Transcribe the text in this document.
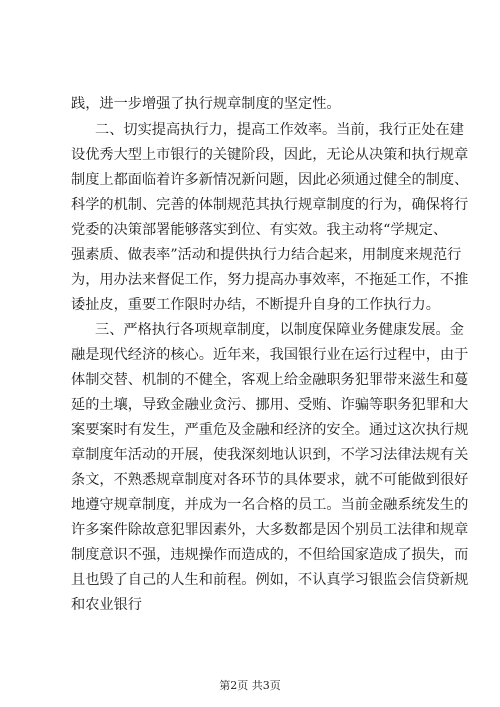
践，进一步增强了执行规章制度的坚定性。
二、切实提高执行力，提高工作效率。当前，我行正处在建
设优秀大型上市银行的关键阶段，因此，无论从决策和执行规章
制度上都面临着许多新情况新问题，因此必须通过健全的制度、
科学的机制、完善的体制规范其执行规章制度的行为，确保将行
党委的决策部署能够落实到位、有实效。我主动将“学规定、
强素质、做表率”活动和提供执行力结合起来，用制度来规范行
为，用办法来督促工作，努力提高办事效率，不拖延工作，不推
诿扯皮，重要工作限时办结，不断提升自身的工作执行力。
三、严格执行各项规章制度，以制度保障业务健康发展。金
融是现代经济的核心。近年来，我国银行业在运行过程中，由于
体制交替、机制的不健全，客观上给金融职务犯罪带来滋生和蔓
延的土壤，导致金融业贪污、挪用、受贿、诈骗等职务犯罪和大
案要案时有发生，严重危及金融和经济的安全。通过这次执行规
章制度年活动的开展，使我深刻地认识到，不学习法律法规有关
条文，不熟悉规章制度对各环节的具体要求，就不可能做到很好
地遵守规章制度，并成为一名合格的员工。当前金融系统发生的
许多案件除故意犯罪因素外，大多数都是因个别员工法律和规章
制度意识不强，违规操作而造成的，不但给国家造成了损失，而
且也毁了自己的人生和前程。例如，不认真学习银监会信贷新规
和农业银行
第2页 共3页
